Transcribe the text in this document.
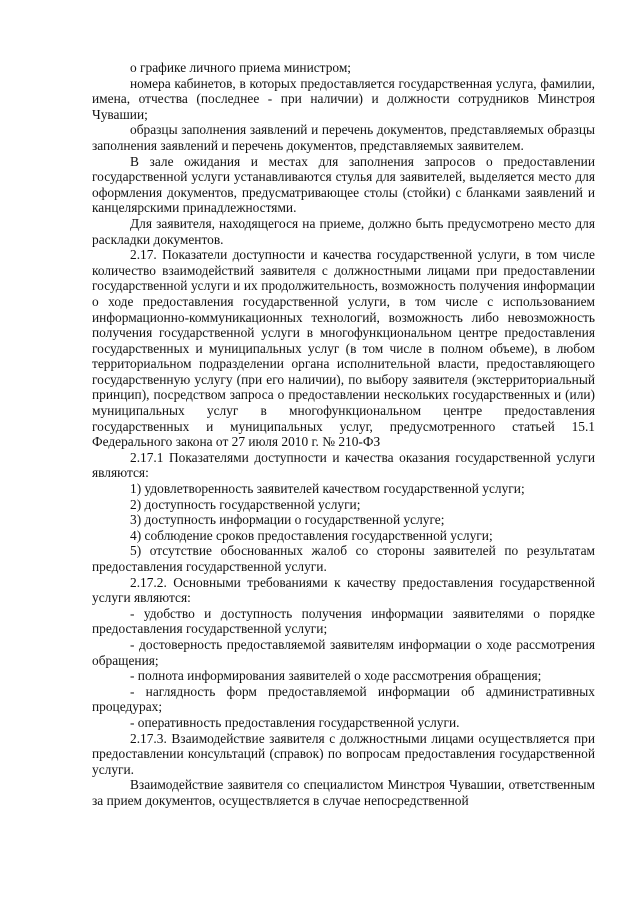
о графике личного приема министром;

номера кабинетов, в которых предоставляется государственная услуга, фамилии, имена, отчества (последнее - при наличии) и должности сотрудников Минстроя Чувашии;

образцы заполнения заявлений и перечень документов, представляемых образцы заполнения заявлений и перечень документов, представляемых заявителем.

В зале ожидания и местах для заполнения запросов о предоставлении государственной услуги устанавливаются стулья для заявителей, выделяется место для оформления документов, предусматривающее столы (стойки) с бланками заявлений и канцелярскими принадлежностями.

Для заявителя, находящегося на приеме, должно быть предусмотрено место для раскладки документов.

2.17. Показатели доступности и качества государственной услуги, в том числе количество взаимодействий заявителя с должностными лицами при предоставлении государственной услуги и их продолжительность, возможность получения информации о ходе предоставления государственной услуги, в том числе с использованием информационно-коммуникационных технологий, возможность либо невозможность получения государственной услуги в многофункциональном центре предоставления государственных и муниципальных услуг (в том числе в полном объеме), в любом территориальном подразделении органа исполнительной власти, предоставляющего государственную услугу (при его наличии), по выбору заявителя (экстерриториальный принцип), посредством запроса о предоставлении нескольких государственных и (или) муниципальных услуг в многофункциональном центре предоставления государственных и муниципальных услуг, предусмотренного статьей 15.1 Федерального закона от 27 июля 2010 г. № 210-ФЗ

2.17.1 Показателями доступности и качества оказания государственной услуги являются:

1) удовлетворенность заявителей качеством государственной услуги;

2) доступность государственной услуги;

3) доступность информации о государственной услуге;

4) соблюдение сроков предоставления государственной услуги;

5) отсутствие обоснованных жалоб со стороны заявителей по результатам предоставления государственной услуги.

2.17.2. Основными требованиями к качеству предоставления государственной услуги являются:

- удобство и доступность получения информации заявителями о порядке предоставления государственной услуги;

- достоверность предоставляемой заявителям информации о ходе рассмотрения обращения;

- полнота информирования заявителей о ходе рассмотрения обращения;

- наглядность форм предоставляемой информации об административных процедурах;

- оперативность предоставления государственной услуги.

2.17.3. Взаимодействие заявителя с должностными лицами осуществляется при предоставлении консультаций (справок) по вопросам предоставления государственной услуги.

Взаимодействие заявителя со специалистом Минстроя Чувашии, ответственным за прием документов, осуществляется в случае непосредственной
